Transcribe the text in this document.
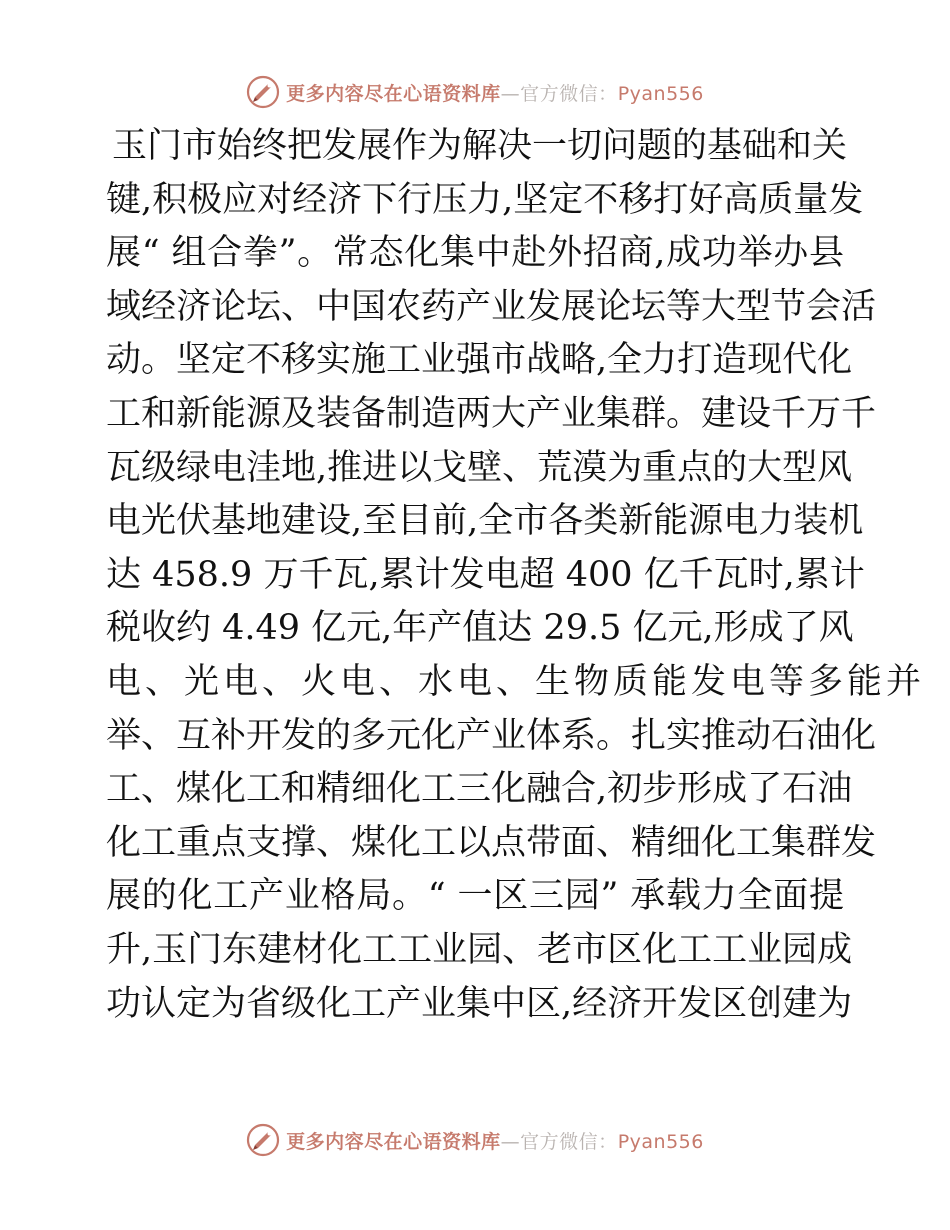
更多内容尽在心语资料库—官方微信：Pyan556
玉门市始终把发展作为解决一切问题的基础和关
键,积极应对经济下行压力,坚定不移打好高质量发
展“ 组合拳”。常态化集中赴外招商,成功举办县
域经济论坛、中国农药产业发展论坛等大型节会活
动。坚定不移实施工业强市战略,全力打造现代化
工和新能源及装备制造两大产业集群。建设千万千
瓦级绿电洼地,推进以戈壁、荒漠为重点的大型风
电光伏基地建设,至目前,全市各类新能源电力装机
达 458.9 万千瓦,累计发电超 400 亿千瓦时,累计
税收约 4.49 亿元,年产值达 29.5 亿元,形成了风
电、光电、火电、水电、生物质能发电等多能并
举、互补开发的多元化产业体系。扎实推动石油化
工、煤化工和精细化工三化融合,初步形成了石油
化工重点支撑、煤化工以点带面、精细化工集群发
展的化工产业格局。“ 一区三园” 承载力全面提
升,玉门东建材化工工业园、老市区化工工业园成
功认定为省级化工产业集中区,经济开发区创建为
更多内容尽在心语资料库—官方微信：Pyan556
